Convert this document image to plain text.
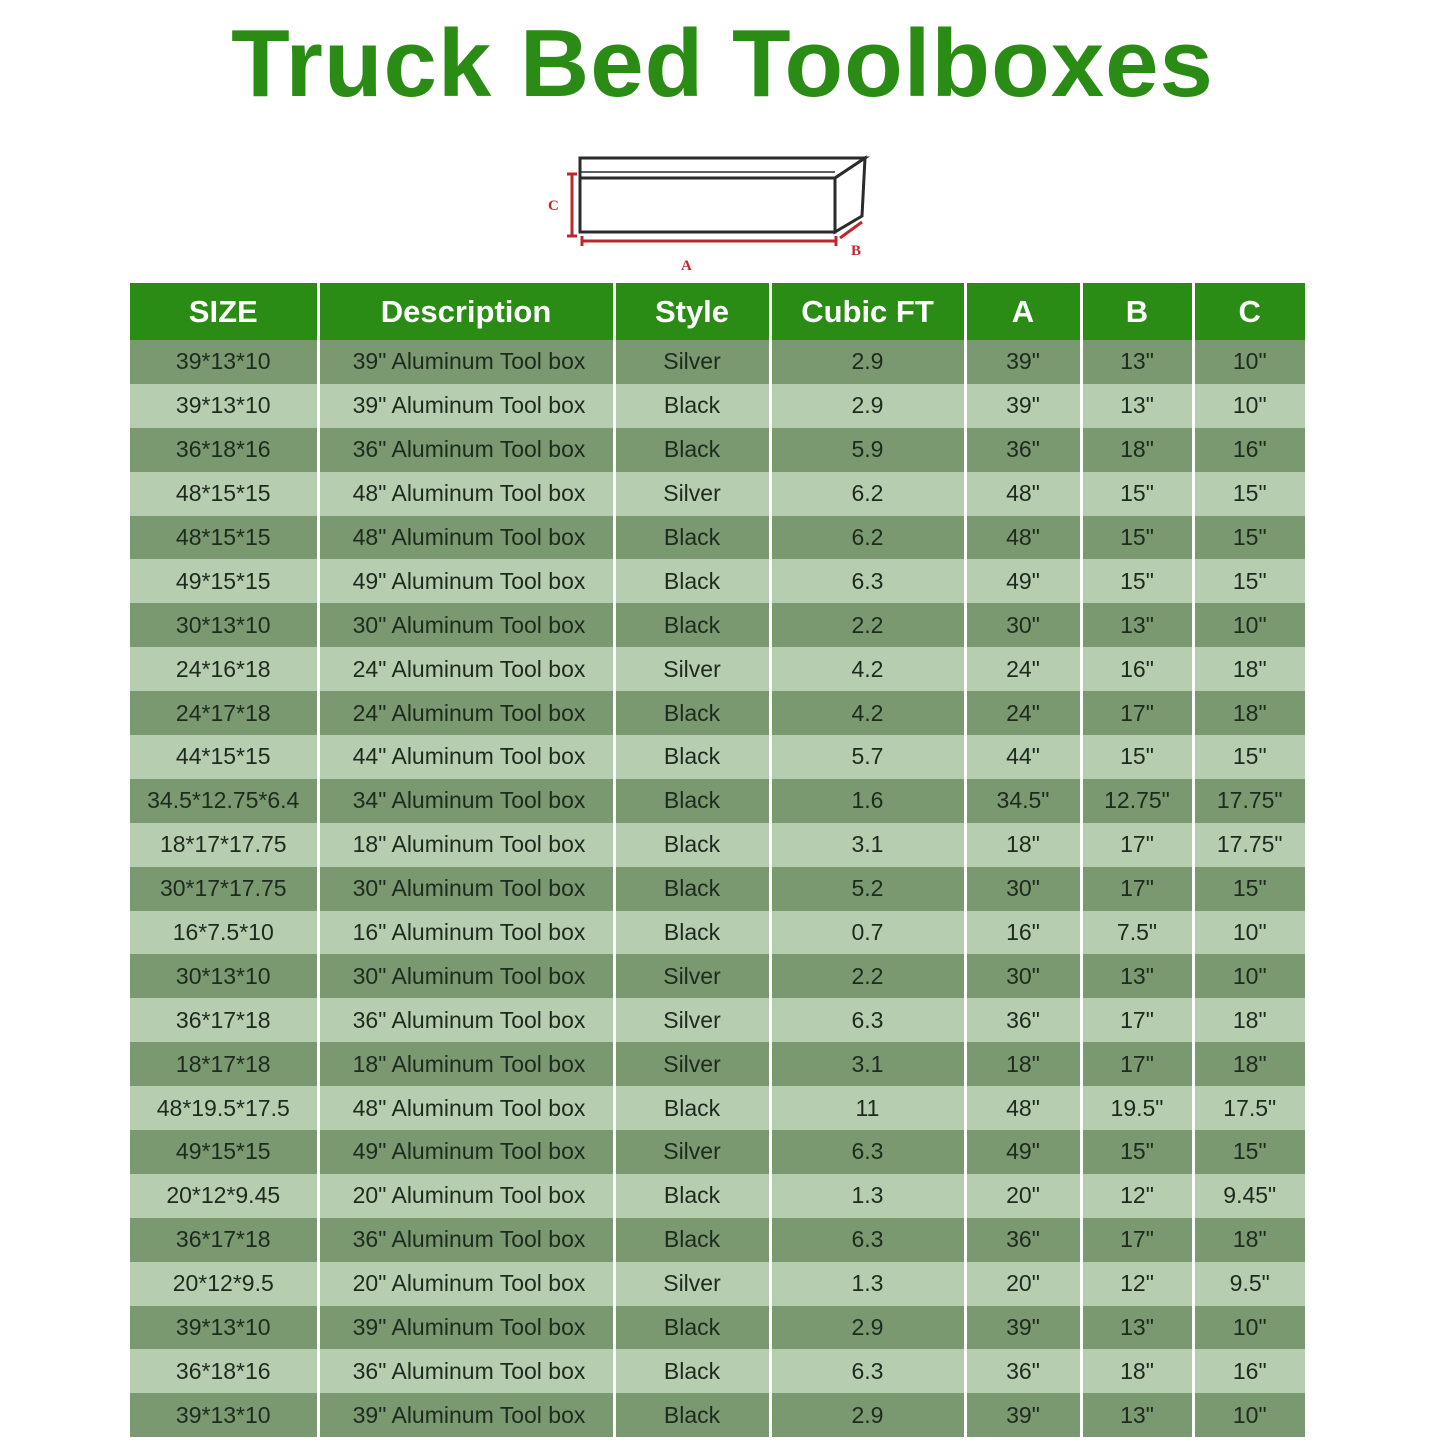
Truck Bed Toolboxes
C
A
B
SIZE	Description	Style	Cubic FT	A	B	C
39*13*10	39" Aluminum Tool box	Silver	2.9	39"	13"	10"
39*13*10	39" Aluminum Tool box	Black	2.9	39"	13"	10"
36*18*16	36" Aluminum Tool box	Black	5.9	36"	18"	16"
48*15*15	48" Aluminum Tool box	Silver	6.2	48"	15"	15"
48*15*15	48" Aluminum Tool box	Black	6.2	48"	15"	15"
49*15*15	49" Aluminum Tool box	Black	6.3	49"	15"	15"
30*13*10	30" Aluminum Tool box	Black	2.2	30"	13"	10"
24*16*18	24" Aluminum Tool box	Silver	4.2	24"	16"	18"
24*17*18	24" Aluminum Tool box	Black	4.2	24"	17"	18"
44*15*15	44" Aluminum Tool box	Black	5.7	44"	15"	15"
34.5*12.75*6.4	34" Aluminum Tool box	Black	1.6	34.5"	12.75"	17.75"
18*17*17.75	18" Aluminum Tool box	Black	3.1	18"	17"	17.75"
30*17*17.75	30" Aluminum Tool box	Black	5.2	30"	17"	15"
16*7.5*10	16" Aluminum Tool box	Black	0.7	16"	7.5"	10"
30*13*10	30" Aluminum Tool box	Silver	2.2	30"	13"	10"
36*17*18	36" Aluminum Tool box	Silver	6.3	36"	17"	18"
18*17*18	18" Aluminum Tool box	Silver	3.1	18"	17"	18"
48*19.5*17.5	48" Aluminum Tool box	Black	11	48"	19.5"	17.5"
49*15*15	49" Aluminum Tool box	Silver	6.3	49"	15"	15"
20*12*9.45	20" Aluminum Tool box	Black	1.3	20"	12"	9.45"
36*17*18	36" Aluminum Tool box	Black	6.3	36"	17"	18"
20*12*9.5	20" Aluminum Tool box	Silver	1.3	20"	12"	9.5"
39*13*10	39" Aluminum Tool box	Black	2.9	39"	13"	10"
36*18*16	36" Aluminum Tool box	Black	6.3	36"	18"	16"
39*13*10	39" Aluminum Tool box	Black	2.9	39"	13"	10"
